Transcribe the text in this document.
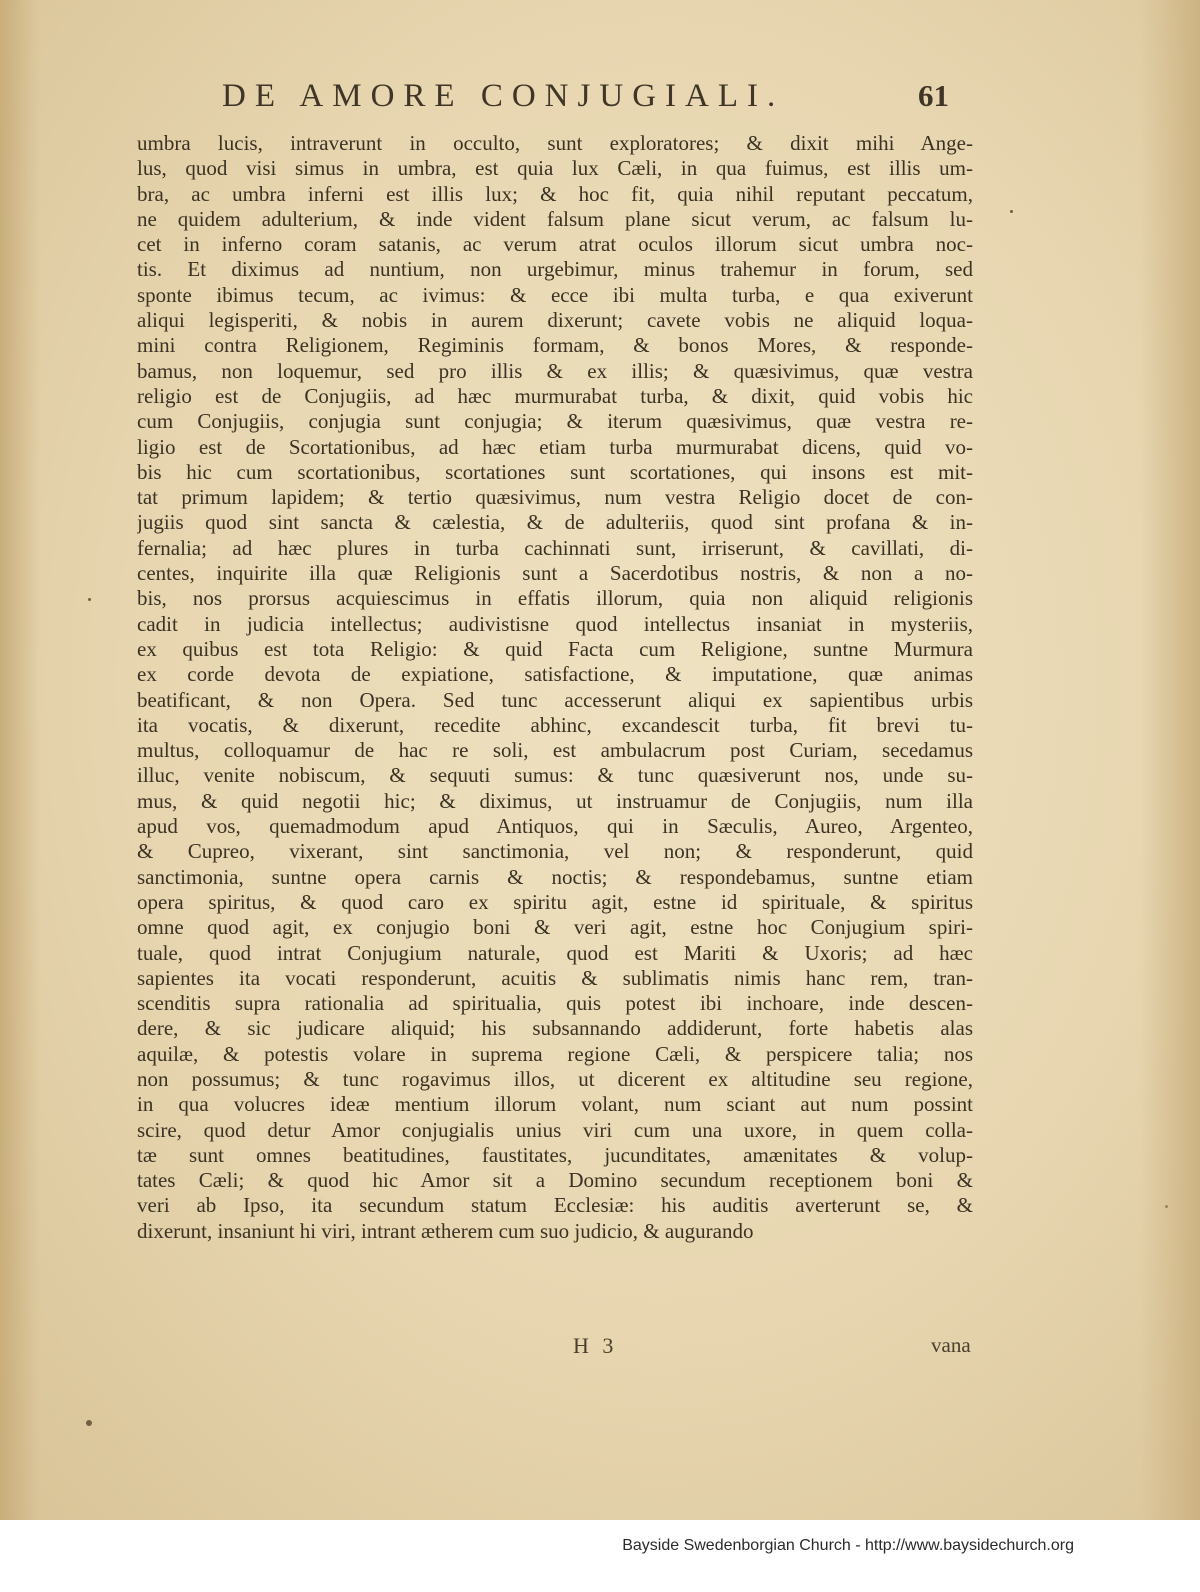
DE AMORE CONJUGIALI.	61
umbra lucis, intraverunt in occulto, sunt exploratores; & dixit mihi Ange-
lus, quod visi simus in umbra, est quia lux Cæli, in qua fuimus, est illis um-
bra, ac umbra inferni est illis lux; & hoc fit, quia nihil reputant peccatum,
ne quidem adulterium, & inde vident falsum plane sicut verum, ac falsum lu-
cet in inferno coram satanis, ac verum atrat oculos illorum sicut umbra noc-
tis. Et diximus ad nuntium, non urgebimur, minus trahemur in forum, sed
sponte ibimus tecum, ac ivimus: & ecce ibi multa turba, e qua exiverunt
aliqui legisperiti, & nobis in aurem dixerunt; cavete vobis ne aliquid loqua-
mini contra Religionem, Regiminis formam, & bonos Mores, & responde-
bamus, non loquemur, sed pro illis & ex illis; & quæsivimus, quæ vestra
religio est de Conjugiis, ad hæc murmurabat turba, & dixit, quid vobis hic
cum Conjugiis, conjugia sunt conjugia; & iterum quæsivimus, quæ vestra re-
ligio est de Scortationibus, ad hæc etiam turba murmurabat dicens, quid vo-
bis hic cum scortationibus, scortationes sunt scortationes, qui insons est mit-
tat primum lapidem; & tertio quæsivimus, num vestra Religio docet de con-
jugiis quod sint sancta & cælestia, & de adulteriis, quod sint profana & in-
fernalia; ad hæc plures in turba cachinnati sunt, irriserunt, & cavillati, di-
centes, inquirite illa quæ Religionis sunt a Sacerdotibus nostris, & non a no-
bis, nos prorsus acquiescimus in effatis illorum, quia non aliquid religionis
cadit in judicia intellectus; audivistisne quod intellectus insaniat in mysteriis,
ex quibus est tota Religio: & quid Facta cum Religione, suntne Murmura
ex corde devota de expiatione, satisfactione, & imputatione, quæ animas
beatificant, & non Opera. Sed tunc accesserunt aliqui ex sapientibus urbis
ita vocatis, & dixerunt, recedite abhinc, excandescit turba, fit brevi tu-
multus, colloquamur de hac re soli, est ambulacrum post Curiam, secedamus
illuc, venite nobiscum, & sequuti sumus: & tunc quæsiverunt nos, unde su-
mus, & quid negotii hic; & diximus, ut instruamur de Conjugiis, num illa
apud vos, quemadmodum apud Antiquos, qui in Sæculis, Aureo, Argenteo,
& Cupreo, vixerant, sint sanctimonia, vel non; & responderunt, quid
sanctimonia, suntne opera carnis & noctis; & respondebamus, suntne etiam
opera spiritus, & quod caro ex spiritu agit, estne id spirituale, & spiritus
omne quod agit, ex conjugio boni & veri agit, estne hoc Conjugium spiri-
tuale, quod intrat Conjugium naturale, quod est Mariti & Uxoris; ad hæc
sapientes ita vocati responderunt, acuitis & sublimatis nimis hanc rem, tran-
scenditis supra rationalia ad spiritualia, quis potest ibi inchoare, inde descen-
dere, & sic judicare aliquid; his subsannando addiderunt, forte habetis alas
aquilæ, & potestis volare in suprema regione Cæli, & perspicere talia; nos
non possumus; & tunc rogavimus illos, ut dicerent ex altitudine seu regione,
in qua volucres ideæ mentium illorum volant, num sciant aut num possint
scire, quod detur Amor conjugialis unius viri cum una uxore, in quem colla-
tæ sunt omnes beatitudines, faustitates, jucunditates, amænitates & volup-
tates Cæli; & quod hic Amor sit a Domino secundum receptionem boni &
veri ab Ipso, ita secundum statum Ecclesiæ: his auditis averterunt se, &
dixerunt, insaniunt hi viri, intrant ætherem cum suo judicio, & augurando
H 3	vana
Bayside Swedenborgian Church - http://www.baysidechurch.org
